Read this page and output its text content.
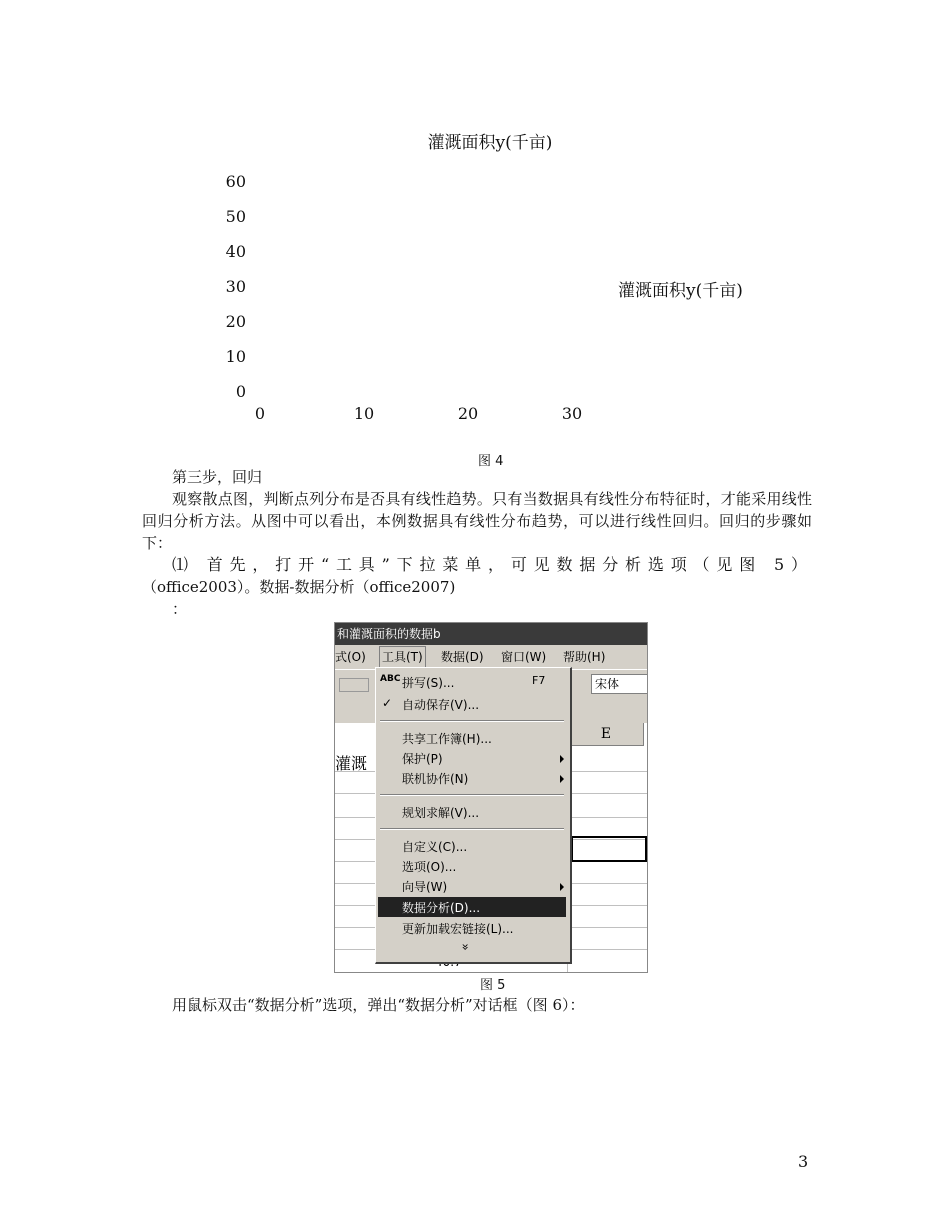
灌溉面积y(千亩)
60
50
40
30
20
10
0
0	10	20	30
灌溉面积y(千亩)
图 4

第三步，回归

观察散点图，判断点列分布是否具有线性趋势。只有当数据具有线性分布特征时，才能采用线性回归分析方法。从图中可以看出，本例数据具有线性分布趋势，可以进行线性回归。回归的步骤如下：

⑴ 首先，打开“工具”下拉菜单，可见数据分析选项（见图 5）

（office2003）。数据-数据分析（office2007)

：

和灌溉面积的数据b
式(O) 工具(T) 数据(D) 窗口(W) 帮助(H)
宋体
灌溉
E
ABC 拼写(S)...	F7
✓ 自动保存(V)...
共享工作簿(H)...
保护(P)
联机协作(N)
规划求解(V)...
自定义(C)...
选项(O)...
向导(W)
数据分析(D)...
更新加载宏链接(L)...
»
图 5

用鼠标双击“数据分析”选项，弹出“数据分析”对话框（图 6）：

3
